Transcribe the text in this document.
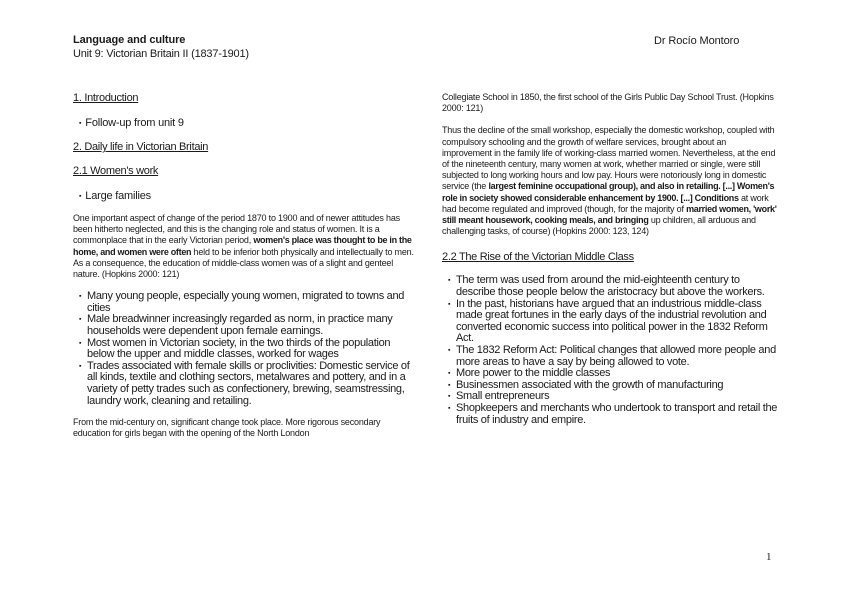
Language and culture
Unit 9: Victorian Britain II (1837-1901)
Dr Rocío Montoro

1. Introduction

▪ Follow-up from unit 9

2. Daily life in Victorian Britain

2.1 Women's work

▪ Large families

One important aspect of change of the period 1870 to 1900 and of newer attitudes has been hitherto neglected, and this is the changing role and status of women. It is a commonplace that in the early Victorian period, women's place was thought to be in the home, and women were often held to be inferior both physically and intellectually to men. As a consequence, the education of middle-class women was of a slight and genteel nature. (Hopkins 2000: 121)

▪ Many young people, especially young women, migrated to towns and cities
▪ Male breadwinner increasingly regarded as norm, in practice many households were dependent upon female earnings.
▪ Most women in Victorian society, in the two thirds of the population below the upper and middle classes, worked for wages
▪ Trades associated with female skills or proclivities: Domestic service of all kinds, textile and clothing sectors, metalwares and pottery, and in a variety of petty trades such as confectionery, brewing, seamstressing, laundry work, cleaning and retailing.

From the mid-century on, significant change took place. More rigorous secondary education for girls began with the opening of the North London

Collegiate School in 1850, the first school of the Girls Public Day School Trust. (Hopkins 2000: 121)

Thus the decline of the small workshop, especially the domestic workshop, coupled with compulsory schooling and the growth of welfare services, brought about an improvement in the family life of working-class married women. Nevertheless, at the end of the nineteenth century, many women at work, whether married or single, were still subjected to long working hours and low pay. Hours were notoriously long in domestic service (the largest feminine occupational group), and also in retailing. [...] Women's role in society showed considerable enhancement by 1900. [...] Conditions at work had become regulated and improved (though, for the majority of married women, 'work' still meant housework, cooking meals, and bringing up children, all arduous and challenging tasks, of course) (Hopkins 2000: 123, 124)

2.2 The Rise of the Victorian Middle Class

▪ The term was used from around the mid-eighteenth century to describe those people below the aristocracy but above the workers.
▪ In the past, historians have argued that an industrious middle-class made great fortunes in the early days of the industrial revolution and converted economic success into political power in the 1832 Reform Act.
▪ The 1832 Reform Act: Political changes that allowed more people and more areas to have a say by being allowed to vote.
▪ More power to the middle classes
▪ Businessmen associated with the growth of manufacturing
▪ Small entrepreneurs
▪ Shopkeepers and merchants who undertook to transport and retail the fruits of industry and empire.
1
